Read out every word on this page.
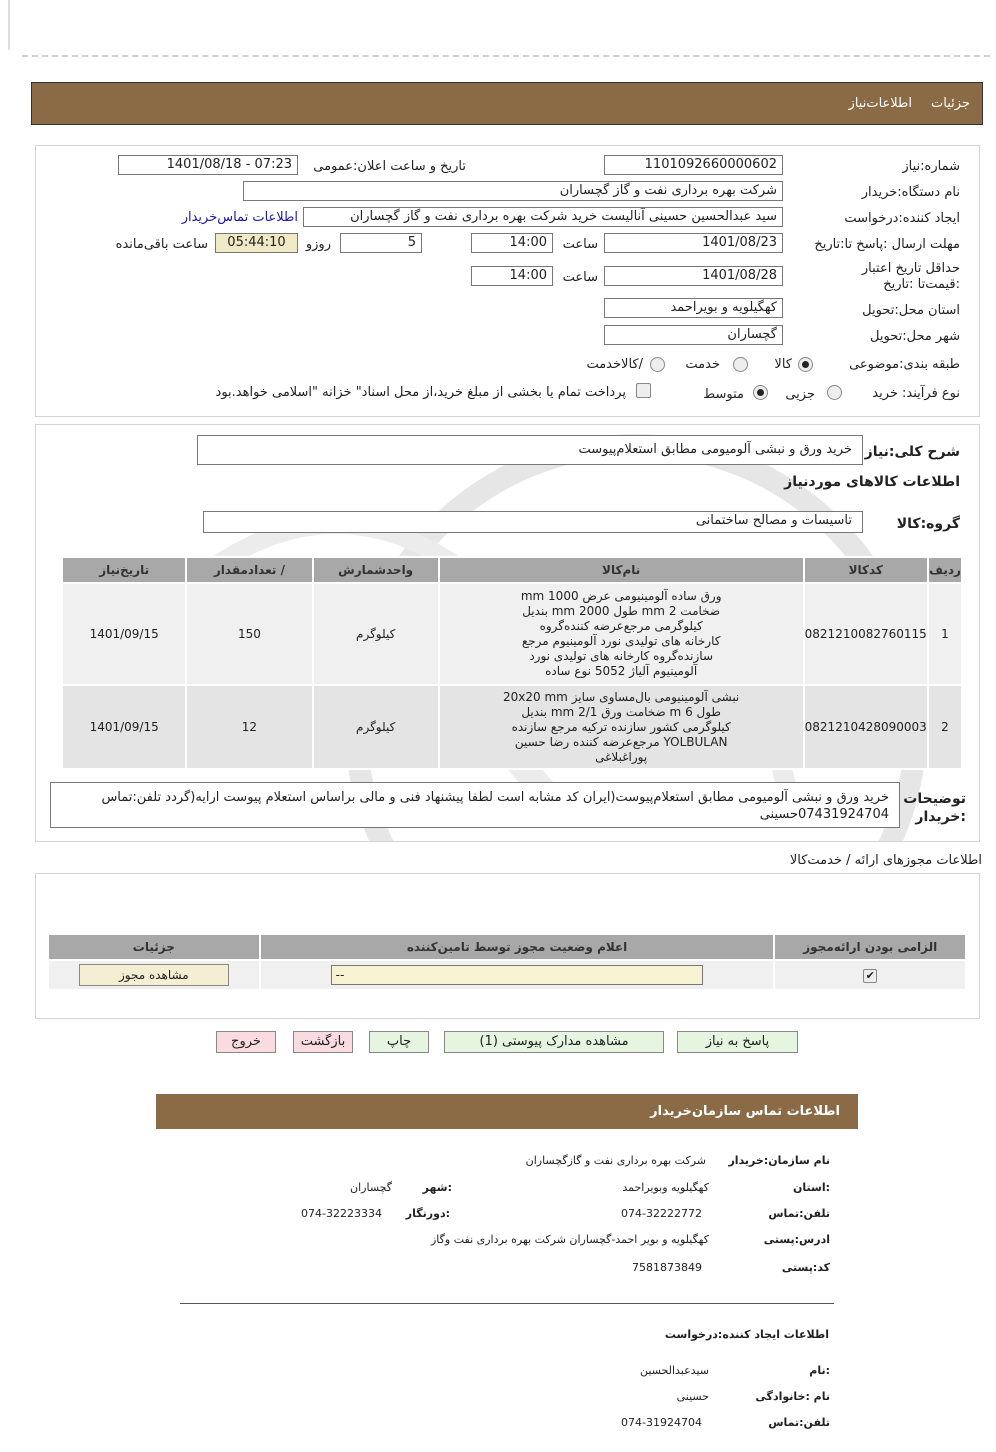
جزئیات
اطلاعات‌نیاز
شماره:نیاز
1101092660000602
تاریخ و ساعت اعلان:عمومی
1401/08/18 - 07:23
نام دستگاه:خریدار
شرکت بهره برداری نفت و گاز گچساران
ایجاد کننده:درخواست
سید عبدالحسین حسینی آنالیست خرید شرکت بهره برداری نفت و گاز گچساران
اطلاعات تماس‌خریدار
مهلت ارسال :پاسخ تا:تاریخ
1401/08/23
ساعت
14:00
5
روزو
05:44:10
ساعت باقی‌مانده
حداقل تاریخ اعتبار :قیمت‌تا :تاریخ
1401/08/28
ساعت
14:00
استان محل:تحویل
کهگیلویه و بویراحمد
شهر محل:تحویل
گچساران
طبقه بندی:موضوعی
کالا
خدمت
/کالاخدمت
نوع فرآیند: خرید
جزیی
متوسط
پرداخت تمام یا بخشی از مبلغ خرید،از محل اسناد" خزانه "اسلامی خواهد.بود
شرح کلی:نیاز
خرید ورق و نبشی آلومیومی مطابق استعلام‌پیوست
اطلاعات کالاهای موردنیاز
گروه:کالا
تاسیسات و مصالح ساختمانی
ردیف	کدکالا	نام‌کالا	واحدشمارش	/ تعدادمقدار	تاریخ‌نیاز
1	0821210082760115	ورق ساده آلومینیومی عرض 1000 mm ضخامت 2 mm طول 2000 mm بندیل کیلوگرمی مرجع‌عرضه کننده‌گروه کارخانه های تولیدی نورد آلومینیوم مرجع سازنده‌گروه کارخانه های تولیدی نورد آلومینیوم آلیاژ 5052 نوع ساده	کیلوگرم	150	1401/09/15
2	0821210428090003	نبشی آلومینیومی بال‌مساوی سایز 20x20 mm طول 6 m ضخامت ورق 2/1 mm بندیل کیلوگرمی کشور سازنده ترکیه مرجع سازنده YOLBULAN مرجع‌عرضه کننده رضا حسین پوراغبلاغی	کیلوگرم	12	1401/09/15
توضیحات :خریدار
خرید ورق و نبشی آلومیومی مطابق استعلام‌پیوست(ایران کد مشابه است لطفا پیشنهاد فنی و مالی بر‌اساس استعلام پیوست ارایه(گردد تلفن:تماس 07431924704حسینی
اطلاعات مجوزهای ارائه / خدمت‌کالا
الزامی بودن ارائه‌مجوز	اعلام وضعیت مجوز توسط تامین‌کننده	جزئیات
✔	--	مشاهده مجوز
پاسخ به نیاز
مشاهده مدارک پیوستی (1)
چاپ
بازگشت
خروج
اطلاعات تماس سازمان‌خریدار
نام سازمان:خریدار
شرکت بهره برداری نفت و گازگچساران
:استان
کهگیلویه وبویراحمد
:شهر
گچساران
تلفن:تماس
074-32222772
:دورنگار
074-32223334
ادرس:پستی
کهگیلویه و بویر احمد-گچساران شرکت بهره برداری نفت وگاز
کد:پستی
7581873849
اطلاعات ایجاد کننده:درخواست
:نام
سیدعبدالحسین
نام :خانوادگی
حسینی
تلفن:تماس
074-31924704
